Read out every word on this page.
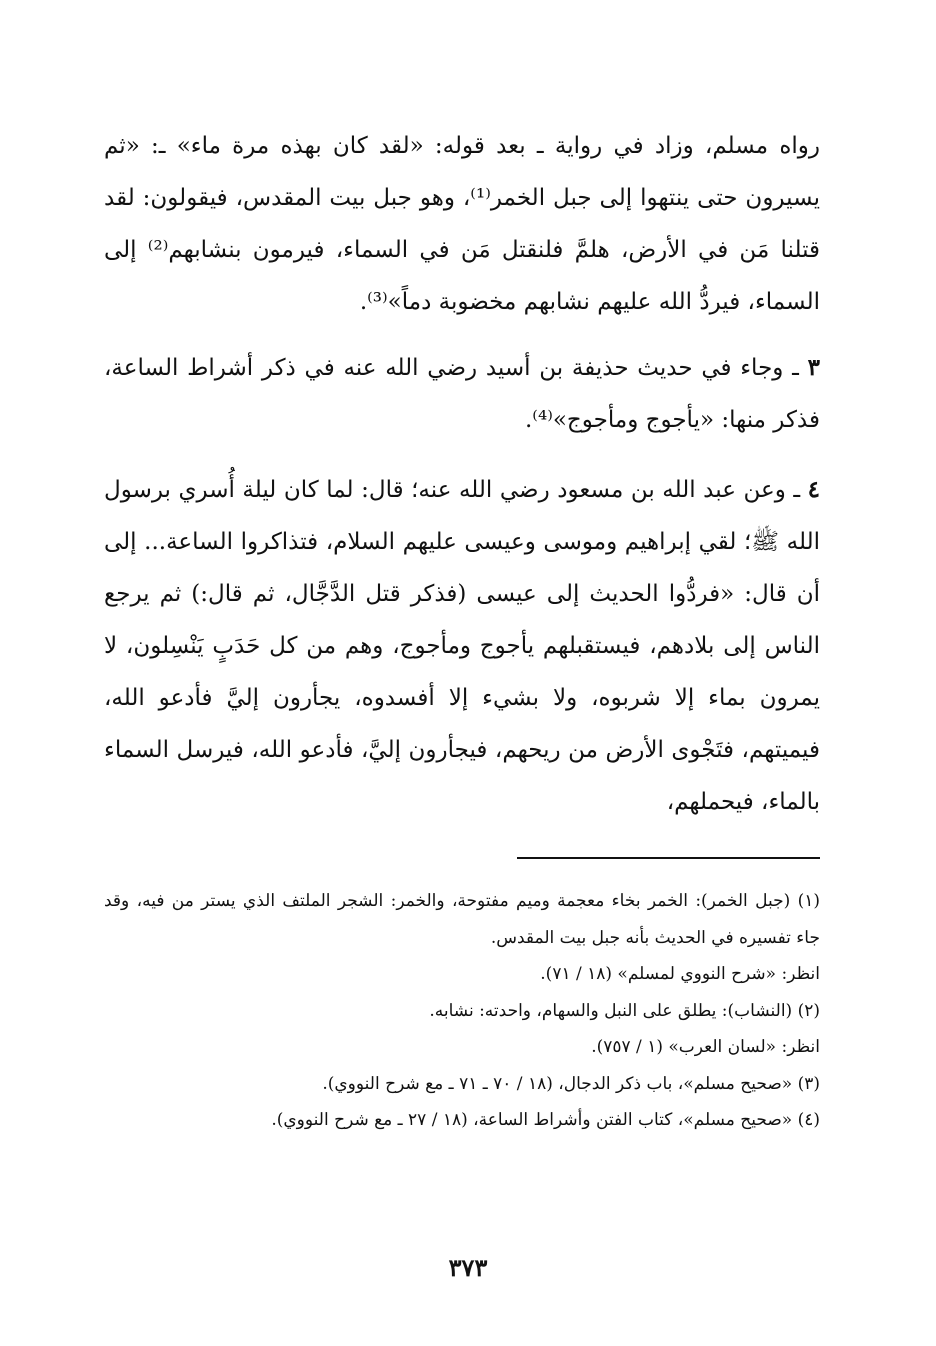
رواه مسلم، وزاد في رواية ـ بعد قوله: «لقد كان بهذه مرة ماء» ـ: «ثم يسيرون حتى ينتهوا إلى جبل الخمر⁽¹⁾، وهو جبل بيت المقدس، فيقولون: لقد قتلنا مَن في الأرض، هلمَّ فلنقتل مَن في السماء، فيرمون بنشابهم⁽²⁾ إلى السماء، فيردُّ الله عليهم نشابهم مخضوبة دماً»⁽³⁾.

٣ ـ وجاء في حديث حذيفة بن أسيد رضي الله عنه في ذكر أشراط الساعة، فذكر منها: «يأجوج ومأجوج»⁽⁴⁾.

٤ ـ وعن عبد الله بن مسعود رضي الله عنه؛ قال: لما كان ليلة أُسري برسول الله ﷺ؛ لقي إبراهيم وموسى وعيسى عليهم السلام، فتذاكروا الساعة... إلى أن قال: «فردُّوا الحديث إلى عيسى (فذكر قتل الدَّجَّال، ثم قال:) ثم يرجع الناس إلى بلادهم، فيستقبلهم يأجوج ومأجوج، وهم من كل حَدَبٍ يَنْسِلون، لا يمرون بماء إلا شربوه، ولا بشيء إلا أفسدوه، يجأرون إليَّ فأدعو الله، فيميتهم، فتَجْوى الأرض من ريحهم، فيجأرون إليَّ، فأدعو الله، فيرسل السماء بالماء، فيحملهم،

(١) (جبل الخمر): الخمر بخاء معجمة وميم مفتوحة، والخمر: الشجر الملتف الذي يستر من فيه، وقد جاء تفسيره في الحديث بأنه جبل بيت المقدس.

انظر: «شرح النووي لمسلم» (١٨ / ٧١).

(٢) (النشاب): يطلق على النبل والسهام، واحدته: نشابه.

انظر: «لسان العرب» (١ / ٧٥٧).

(٣) «صحيح مسلم»، باب ذكر الدجال، (١٨ / ٧٠ ـ ٧١ ـ مع شرح النووي).

(٤) «صحيح مسلم»، كتاب الفتن وأشراط الساعة، (١٨ / ٢٧ ـ مع شرح النووي).

٣٧٣
